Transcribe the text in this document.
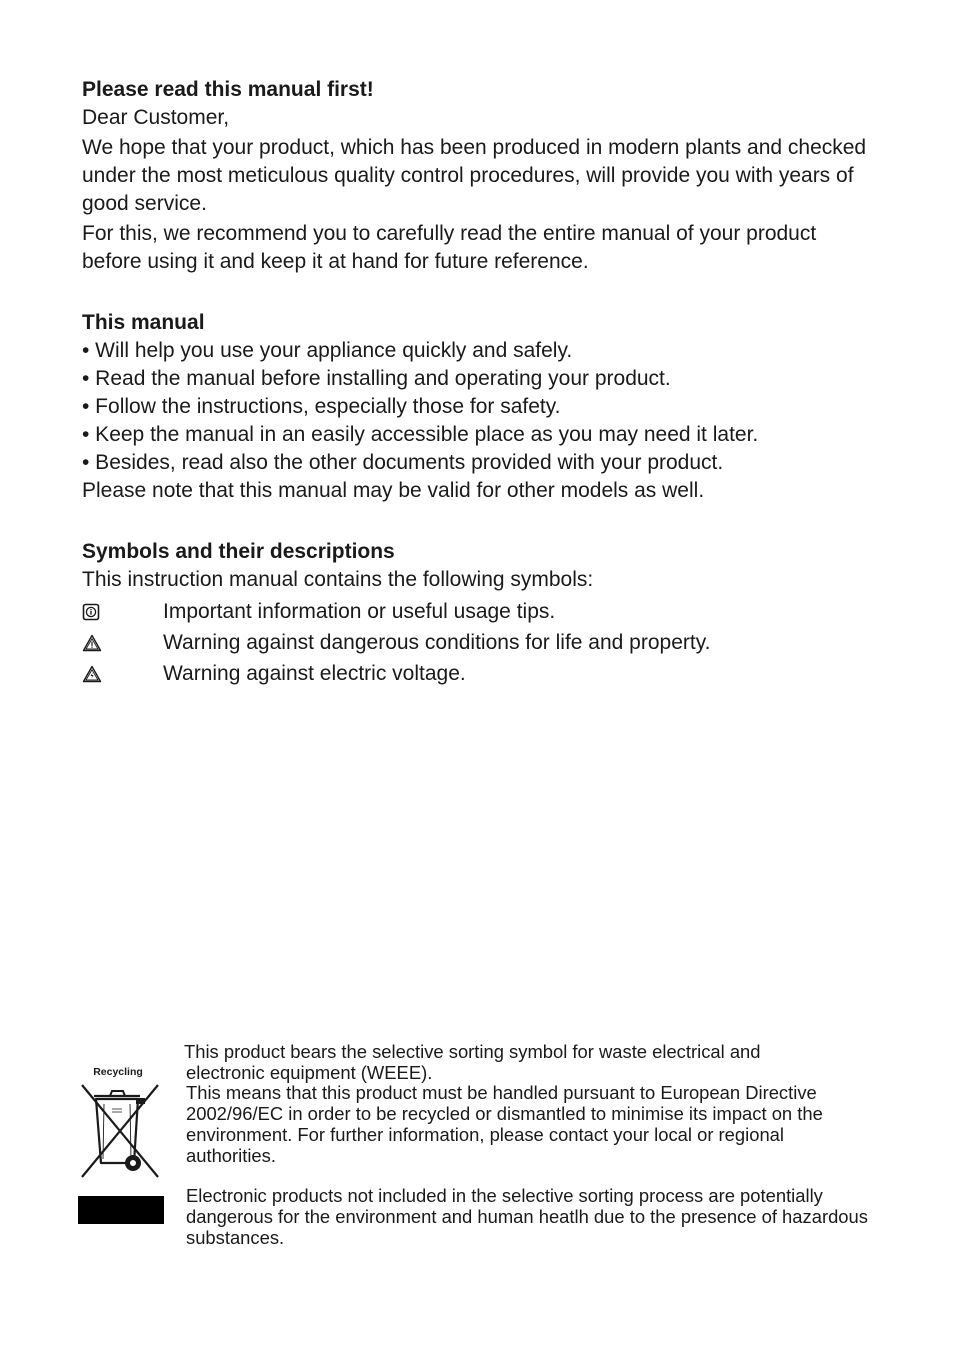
Please read this manual first!

Dear Customer,

We hope that your product, which has been produced in modern plants and checked under the most meticulous quality control procedures, will provide you with years of good service.

For this, we recommend you to carefully read the entire manual of your product before using it and keep it at hand for future reference.

This manual

• Will help you use your appliance quickly and safely.

• Read the manual before installing and operating your product.

• Follow the instructions, especially those for safety.

• Keep the manual in an easily accessible place as you may need it later.

• Besides, read also the other documents provided with your product.

Please note that this manual may be valid for other models as well.

Symbols and their descriptions

This instruction manual contains the following symbols:

Important information or useful usage tips.
Warning against dangerous conditions for life and property.
Warning against electric voltage.
Recycling

This product bears the selective sorting symbol for waste electrical and

electronic equipment (WEEE).

This means that this product must be handled pursuant to European Directive 2002/96/EC in order to be recycled or dismantled to minimise its impact on the environment. For further information, please contact your local or regional authorities.

Electronic products not included in the selective sorting process are potentially dangerous for the environment and human heatlh due to the presence of hazardous substances.
